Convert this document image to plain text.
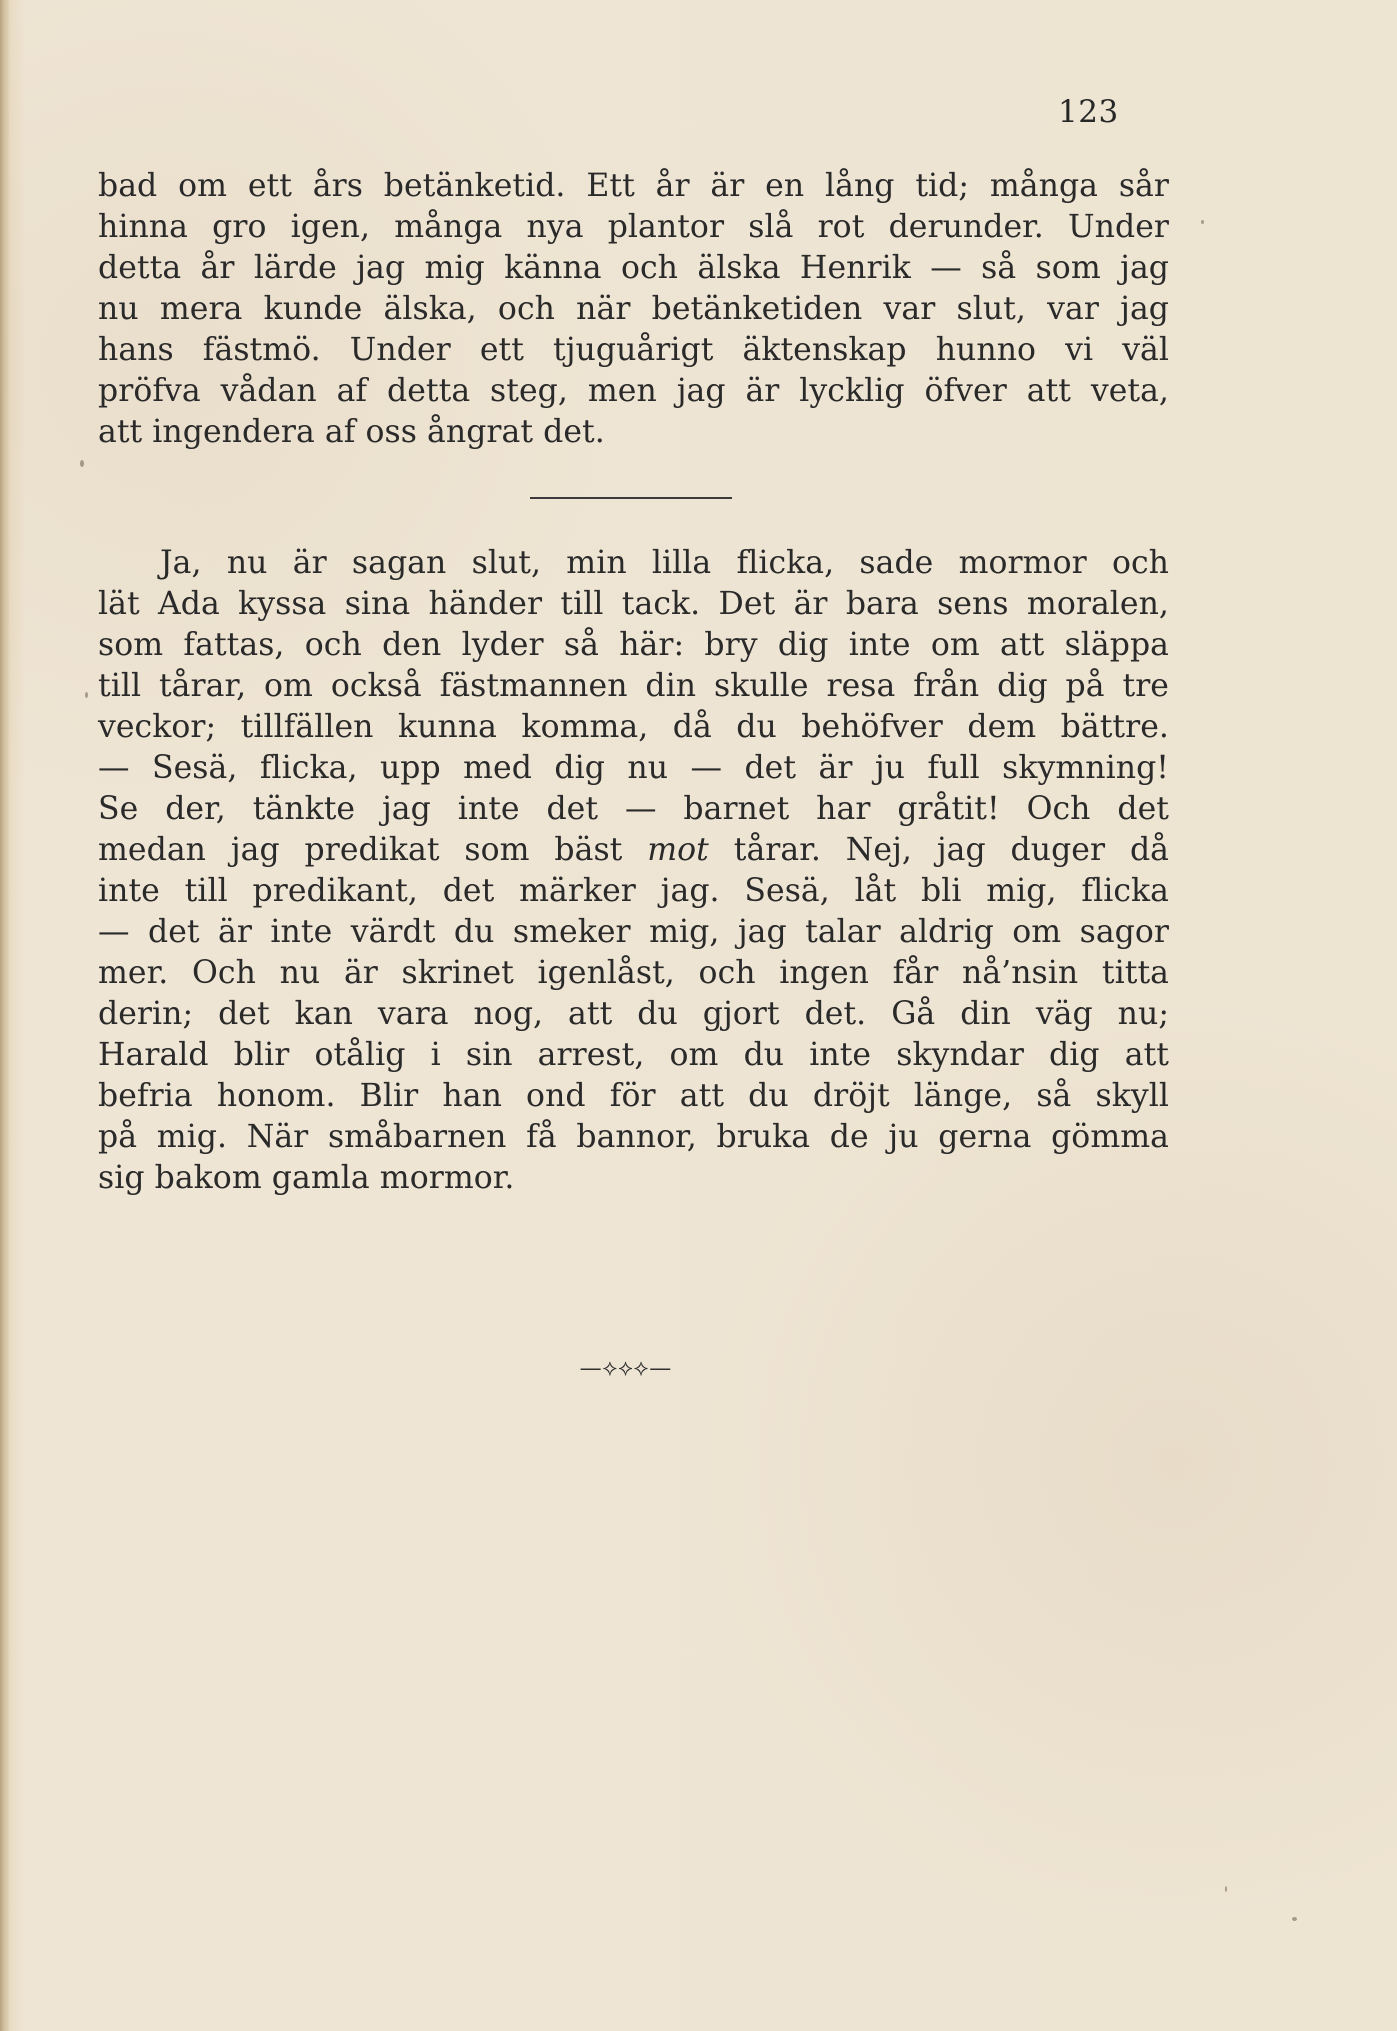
123
bad om ett års betänketid. Ett år är en lång tid; många sår
hinna gro igen, många nya plantor slå rot derunder. Under
detta år lärde jag mig känna och älska Henrik — så som jag
nu mera kunde älska, och när betänketiden var slut, var jag
hans fästmö. Under ett tjuguårigt äktenskap hunno vi väl
pröfva vådan af detta steg, men jag är lycklig öfver att veta,
att ingendera af oss ångrat det.
Ja, nu är sagan slut, min lilla flicka, sade mormor och
lät Ada kyssa sina händer till tack. Det är bara sens moralen,
som fattas, och den lyder så här: bry dig inte om att släppa
till tårar, om också fästmannen din skulle resa från dig på tre
veckor; tillfällen kunna komma, då du behöfver dem bättre.
— Sesä, flicka, upp med dig nu — det är ju full skymning!
Se der, tänkte jag inte det — barnet har gråtit! Och det
medan jag predikat som bäst mot tårar. Nej, jag duger då
inte till predikant, det märker jag. Sesä, låt bli mig, flicka
— det är inte värdt du smeker mig, jag talar aldrig om sagor
mer. Och nu är skrinet igenlåst, och ingen får nå’nsin titta
derin; det kan vara nog, att du gjort det. Gå din väg nu;
Harald blir otålig i sin arrest, om du inte skyndar dig att
befria honom. Blir han ond för att du dröjt länge, så skyll
på mig. När småbarnen få bannor, bruka de ju gerna gömma
sig bakom gamla mormor.
—⟡⟡⟡—
